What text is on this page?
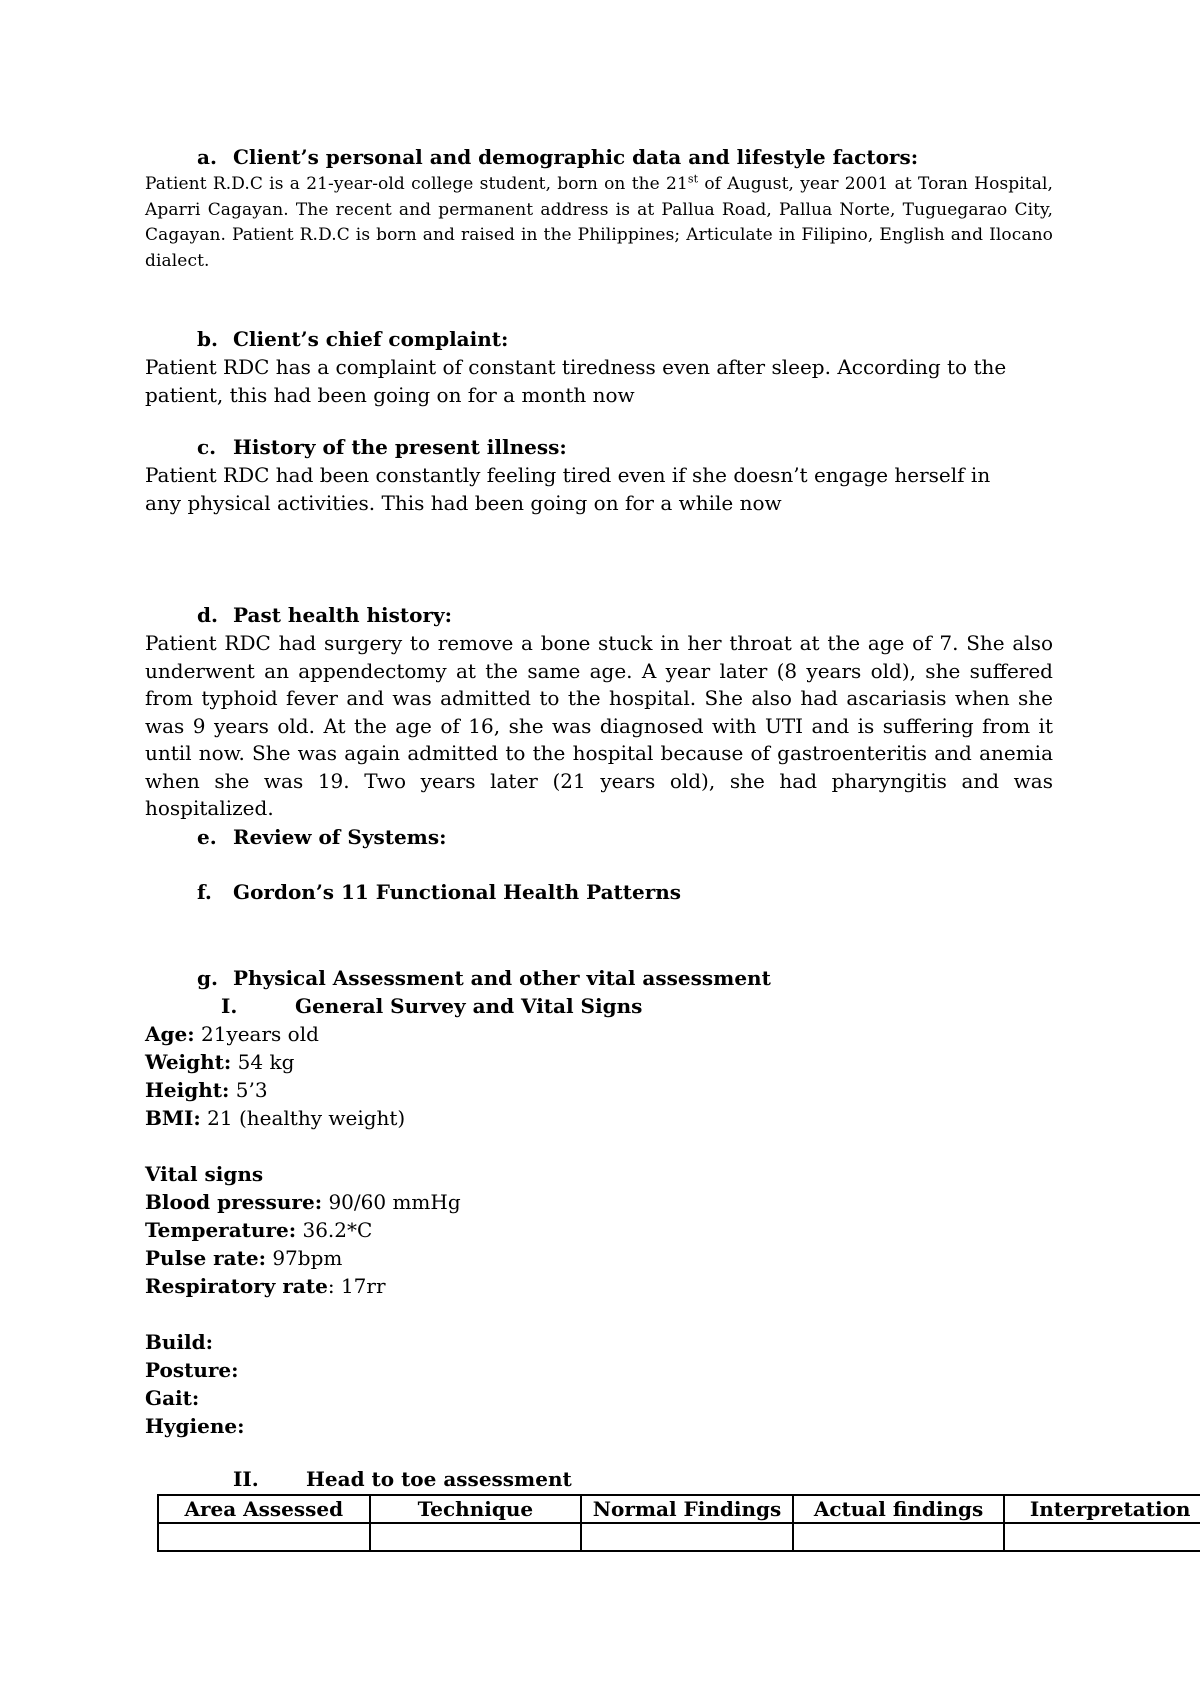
a. Client’s personal and demographic data and lifestyle factors:

Patient R.D.C is a 21-year-old college student, born on the 21st of August, year 2001 at Toran Hospital, Aparri Cagayan. The recent and permanent address is at Pallua Road, Pallua Norte, Tuguegarao City, Cagayan. Patient R.D.C is born and raised in the Philippines; Articulate in Filipino, English and Ilocano dialect.

b. Client’s chief complaint:

Patient RDC has a complaint of constant tiredness even after sleep. According to the patient, this had been going on for a month now

c. History of the present illness:

Patient RDC had been constantly feeling tired even if she doesn’t engage herself in any physical activities. This had been going on for a while now

d. Past health history:

Patient RDC had surgery to remove a bone stuck in her throat at the age of 7. She also underwent an appendectomy at the same age. A year later (8 years old), she suffered from typhoid fever and was admitted to the hospital. She also had ascariasis when she was 9 years old. At the age of 16, she was diagnosed with UTI and is suffering from it until now. She was again admitted to the hospital because of gastroenteritis and anemia when she was 19. Two years later (21 years old), she had pharyngitis and was hospitalized.

e. Review of Systems:

f. Gordon’s 11 Functional Health Patterns

g. Physical Assessment and other vital assessment

I.	General Survey and Vital Signs

Age: 21years old

Weight: 54 kg

Height: 5’3

BMI: 21 (healthy weight)

Vital signs

Blood pressure: 90/60 mmHg

Temperature: 36.2*C

Pulse rate: 97bpm

Respiratory rate: 17rr

Build:

Posture:

Gait:

Hygiene:

II. Head to toe assessment

Area Assessed	Technique	Normal Findings	Actual findings	Interpretation
